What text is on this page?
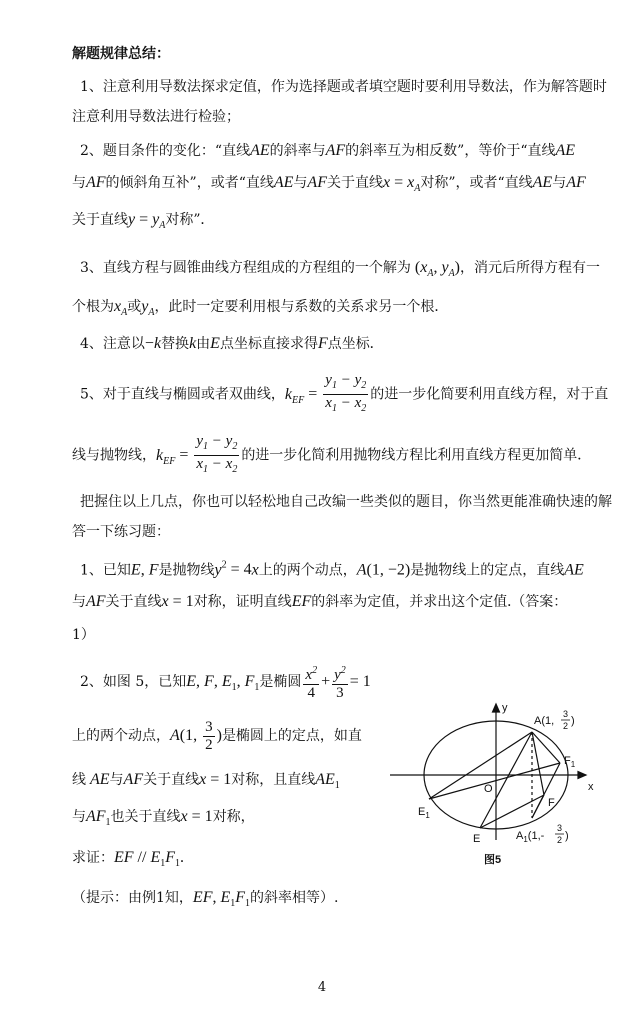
解题规律总结：
1、注意利用导数法探求定值，作为选择题或者填空题时要利用导数法，作为解答题时
注意利用导数法进行检验；
2、题目条件的变化：“直线AE的斜率与AF的斜率互为相反数”，等价于“直线AE
与AF的倾斜角互补”，或者“直线AE与AF关于直线$x = x_A$对称”，或者“直线AE与AF
关于直线$y = y_A$对称”.
3、直线方程与圆锥曲线方程组成的方程组的一个解为 ($x_A$, $y_A$)，消元后所得方程有一
个根为$x_A$或$y_A$，此时一定要利用根与系数的关系求另一个根.
4、注意以−k替换k由E点坐标直接求得F点坐标.
5、对于直线与椭圆或者双曲线，$k_{EF} = \frac{y_1 - y_2}{x_1 - x_2}$ 的进一步化简要利用直线方程，对于直
线与抛物线，$k_{EF} = \frac{y_1 - y_2}{x_1 - x_2}$ 的进一步化简利用抛物线方程比利用直线方程更加简单.
把握住以上几点，你也可以轻松地自己改编一些类似的题目，你当然更能准确快速的解
答一下练习题：
1、已知E, F是抛物线$y^2 = 4x$上的两个动点，A(1, −2)是抛物线上的定点，直线AE
与AF关于直线x = 1对称，证明直线EF的斜率为定值，并求出这个定值.（答案：
1）
2、如图 5，已知E, F, $E_1$, $F_1$是椭圆 $\frac{x^2}{4} + \frac{y^2}{3} = 1$
上的两个动点，A(1, $\frac{3}{2}$ )是椭圆上的定点，如直
线 AE与AF关于直线x = 1对称，且直线$AE_1$
与$AF_1$也关于直线x = 1对称，
求证：EF // $E_1F_1$.
（提示：由例1知，EF, $E_1F_1$的斜率相等）.
y
x
O
A(1,
3
2 )
$F_1$
F
$E_1$
E	$A_1(1,-$
3
2 )
图5
4
